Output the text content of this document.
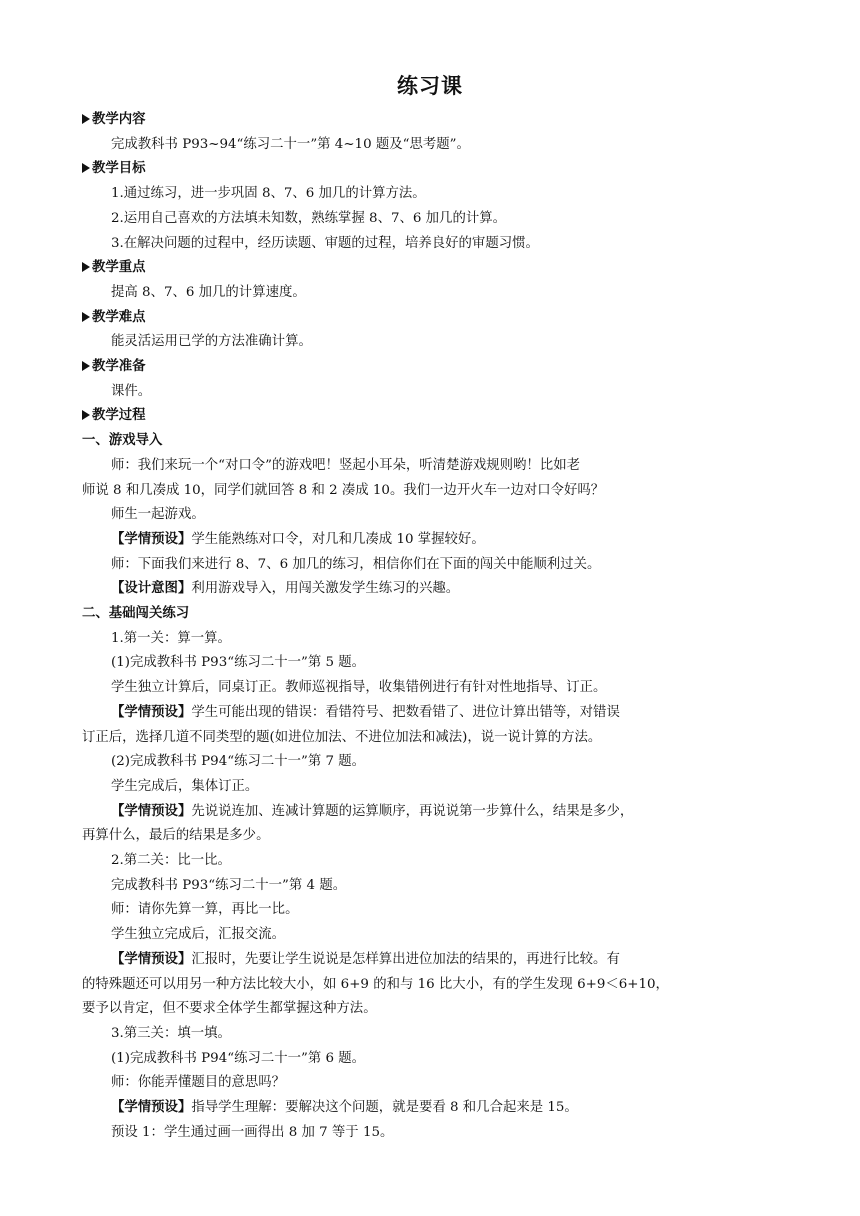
练习课
教学内容
完成教科书 P93~94“练习二十一”第 4~10 题及“思考题”。
教学目标
1.通过练习，进一步巩固 8、7、6 加几的计算方法。
2.运用自己喜欢的方法填未知数，熟练掌握 8、7、6 加几的计算。
3.在解决问题的过程中，经历读题、审题的过程，培养良好的审题习惯。
教学重点
提高 8、7、6 加几的计算速度。
教学难点
能灵活运用已学的方法准确计算。
教学准备
课件。
教学过程
一、游戏导入
师：我们来玩一个“对口令”的游戏吧！竖起小耳朵，听清楚游戏规则哟！比如老
师说 8 和几凑成 10，同学们就回答 8 和 2 凑成 10。我们一边开火车一边对口令好吗？
师生一起游戏。
【学情预设】学生能熟练对口令，对几和几凑成 10 掌握较好。
师：下面我们来进行 8、7、6 加几的练习，相信你们在下面的闯关中能顺利过关。
【设计意图】利用游戏导入，用闯关激发学生练习的兴趣。
二、基础闯关练习
1.第一关：算一算。
(1)完成教科书 P93“练习二十一”第 5 题。
学生独立计算后，同桌订正。教师巡视指导，收集错例进行有针对性地指导、订正。
【学情预设】学生可能出现的错误：看错符号、把数看错了、进位计算出错等，对错误
订正后，选择几道不同类型的题(如进位加法、不进位加法和减法)，说一说计算的方法。
(2)完成教科书 P94“练习二十一”第 7 题。
学生完成后，集体订正。
【学情预设】先说说连加、连减计算题的运算顺序，再说说第一步算什么，结果是多少，
再算什么，最后的结果是多少。
2.第二关：比一比。
完成教科书 P93“练习二十一”第 4 题。
师：请你先算一算，再比一比。
学生独立完成后，汇报交流。
【学情预设】汇报时，先要让学生说说是怎样算出进位加法的结果的，再进行比较。有
的特殊题还可以用另一种方法比较大小，如 6+9 的和与 16 比大小，有的学生发现 6+9＜6+10，
要予以肯定，但不要求全体学生都掌握这种方法。
3.第三关：填一填。
(1)完成教科书 P94“练习二十一”第 6 题。
师：你能弄懂题目的意思吗？
【学情预设】指导学生理解：要解决这个问题，就是要看 8 和几合起来是 15。
预设 1：学生通过画一画得出 8 加 7 等于 15。
